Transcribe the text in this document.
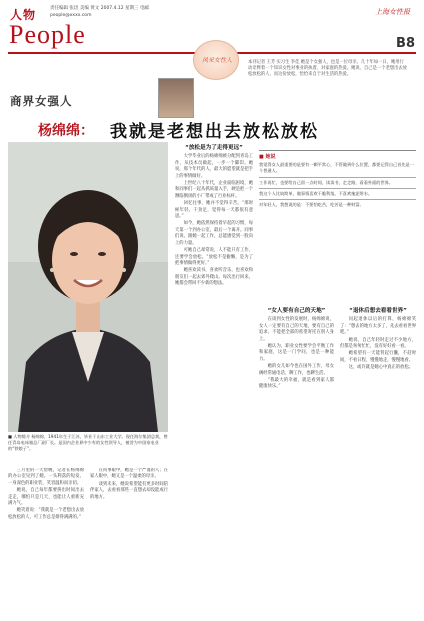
人物
People
责任编辑 张迅 美编 黄文 2007.4.12 星期三 电邮 people@xxxx.com	上海女性报
B8
风采女性人	本刊记者 王芳 实习生 李佳 她是个女强人，也是一位母亲。几十年如一日，她用行动诠释着一个知识女性对事业的执着，对家庭的热爱。她说，自己是一个老想出去放松放松的人，而这份放松，恰恰来自于对生活的热爱。
商界女强人
杨绵绵： 我就是老想出去放松放松
■ 人物简介 杨绵绵，1941年生于江苏，毕业于山东工业大学。现任海尔集团总裁，曾任青岛电冰箱总厂副厂长。是国内企业界中少有的女性领导人，被誉为中国家电业的“铁娘子”。
■ 她说

我觉得女人最重要的是要有一颗平常心，不管做到什么位置，都要记得自己首先是一个普通人。

工作再忙，也要给自己留一点时间，读读书，走走路，看看外面的世界。

我这个人比较简单，做事情喜欢干脆利落，不喜欢拖泥带水。

对年轻人，我想说的是：不要怕吃苦，吃苦是一种财富。

三月里的一天傍晚，记者在杨绵绵的办公室见到了她。一头利落的短发，一身深色的职业装，笑容温和而亲切。

她说，自己每年都要挤出时间出去走走，哪怕只是几天，也能让人重新充满力气。

她笑着说：“我就是一个老想出去放松放松的人，可工作总是排得满满的。”

在同事眼中，她是一个严谨的人；在家人眼中，她又是一个温柔的母亲。

谈到未来，她说希望能有更多时间陪伴家人，去看看那些一直想去却没能成行的地方。

“放松是为了走得更远”

大学毕业后的杨绵绵被分配到青岛工作，从技术员做起，一步一个脚印。她说，那个年代的人，最大的愿望就是把手上的事情做好。

上世纪八十年代，企业面临困境，她和同事们一起从抓质量入手，硬是把一个濒临倒闭的小厂带成了行业标杆。

回忆往事，她并不觉得辛苦。“那时候年轻，干劲足，觉得每一天都很有意思。”

如今，她依然保持着早起的习惯，每天第一个到办公室，最后一个离开。同事们说，跟她一起工作，总能感觉到一股向上的力量。

可她自己却常说，人不能只有工作，还要学会放松。“放松不是偷懒，是为了把事情做得更好。”

她喜欢读书，喜欢听音乐，也喜欢和朋友们一起去郊外爬山。每次出行回来，她都会带回不少新的想法。

“女人要有自己的天地”

在谈到女性的发展时，杨绵绵说，女人一定要有自己的天地，要有自己的追求，不能把全部的希望寄托在别人身上。

她认为，职业女性要学会平衡工作和家庭，这是一门学问，也是一种能力。

她的女儿如今也在国外工作，母女俩经常通电话，聊工作，也聊生活。

“我最大的幸福，就是看到家人都健康快乐。”

“退休后想去看看世界”

问起退休以后的打算，杨绵绵笑了：“想去的地方太多了，先去看看世界吧。”

她说，自己年轻时走过不少地方，但都是匆匆忙忙，没有好好看一看。

她希望有一天能背起行囊，不赶时间，不看日程，慢慢地走，慢慢地看。

这，或许就是她心中真正的放松。
